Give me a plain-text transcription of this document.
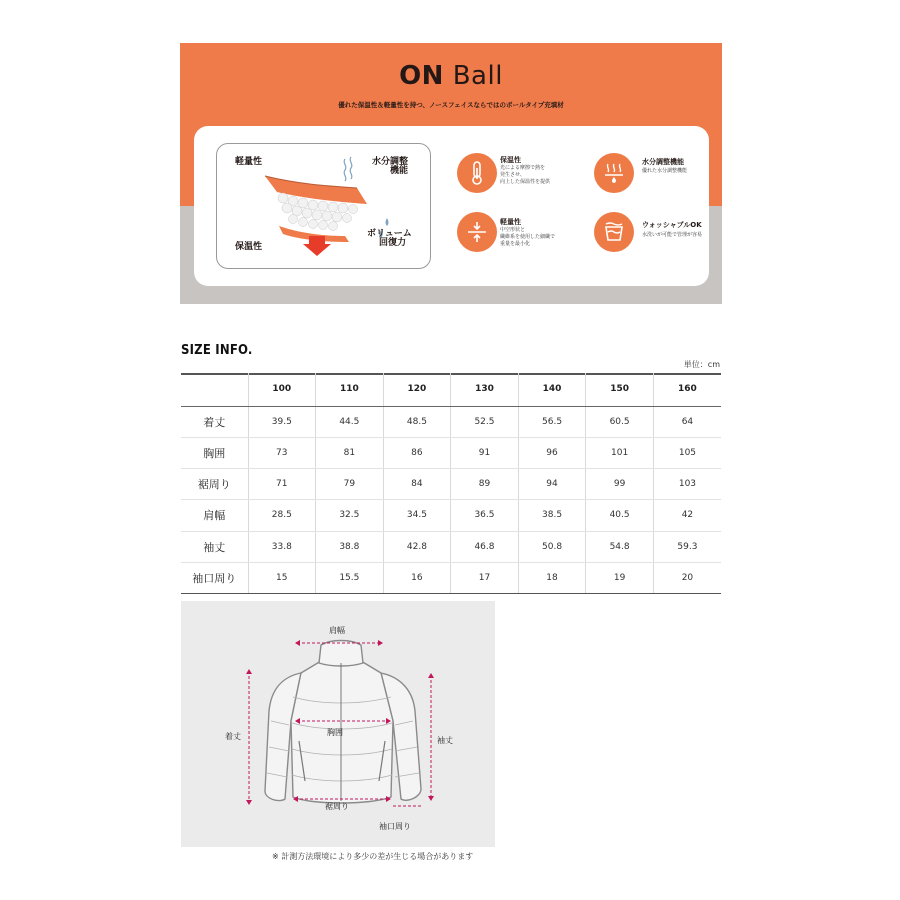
ON Ball
優れた保温性＆軽量性を持つ、ノースフェイスならではのボールタイプ充填材
軽量性	水分調整
機能
保温性
ボリューム
回復力
保温性
光による摩擦で熱を
発生させ、
向上した保温性を提供
水分調整機能
優れた水分調整機能
軽量性
中空形状と
繊維系を使用した細繊で
重量を最小化
ウォッシャブルOK
水洗いが可能で管理が容易
SIZE INFO.
単位：cm
	100	110	120	130	140	150	160
着丈	39.5	44.5	48.5	52.5	56.5	60.5	64
胸囲	73	81	86	91	96	101	105
裾周り	71	79	84	89	94	99	103
肩幅	28.5	32.5	34.5	36.5	38.5	40.5	42
袖丈	33.8	38.8	42.8	46.8	50.8	54.8	59.3
袖口周り	15	15.5	16	17	18	19	20
肩幅
着丈	胸囲
袖丈
裾周り
袖口周り
※ 計測方法環境により多少の差が生じる場合があります
